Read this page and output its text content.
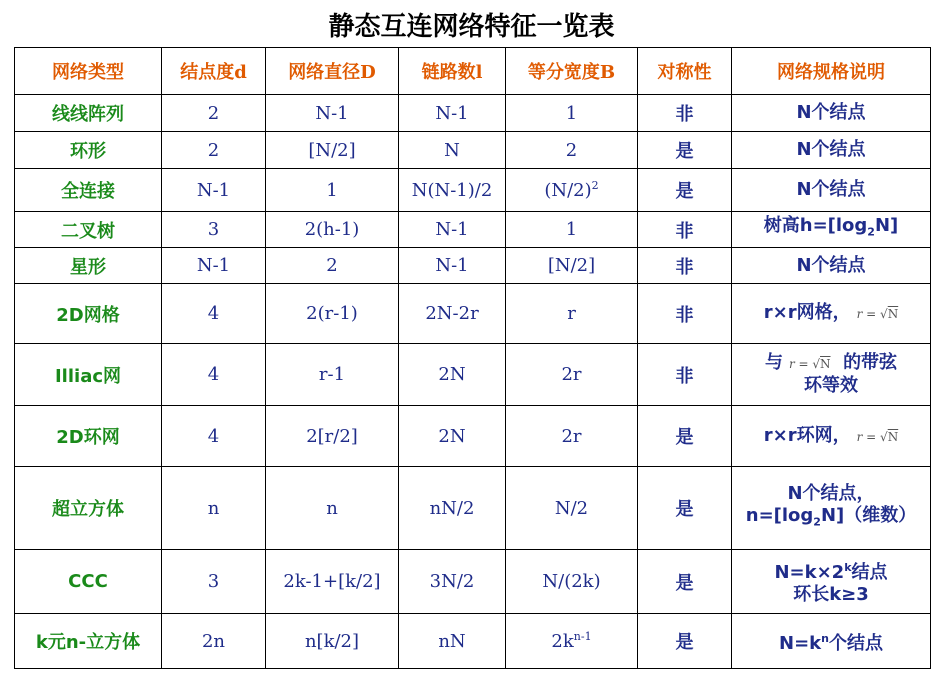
静态互连网络特征一览表
网络类型	结点度d	网络直径D	链路数l	等分宽度B	对称性	网络规格说明
线线阵列	2	N-1	N-1	1	非	N个结点
环形	2	[N/2]	N	2	是	N个结点
全连接	N-1	1	N(N-1)/2	$(N/2)^2$	是	N个结点
二叉树	3	2(h-1)	N-1	1	非	树高$h=[\log_2N]$
星形	N-1	2	N-1	[N/2]	非	N个结点
2D网格	4	2(r-1)	2N-2r	r	非	r×r网格， r = √N
Illiac网	4	r-1	2N	2r	非	与r = √N 的带弦
环等效

2D环网	4	2[r/2]	2N	2r	是	r×r环网， r = √N
超立方体	n	n	nN/2	N/2	是	N个结点，
$n=[\log_2N]$（维数）

CCC	3	2k-1+[k/2]	3N/2	N/(2k)	是	$N=k\times 2^k$结点
环长k≥3

k元n-立方体	2n	n[k/2]	nN	$2k^{n-1}$	是	$N=k^n$个结点
